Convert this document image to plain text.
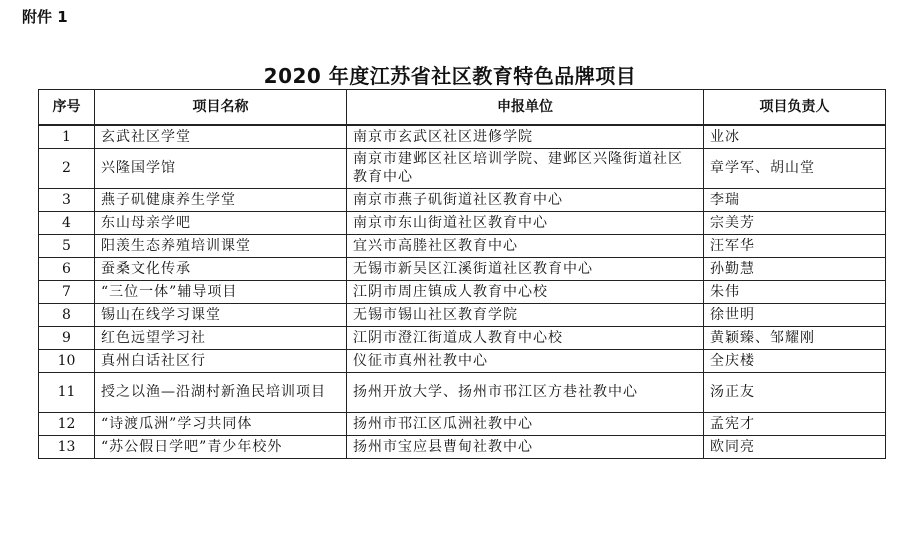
附件 1
2020 年度江苏省社区教育特色品牌项目
序号	项目名称	申报单位	项目负责人
1	玄武社区学堂	南京市玄武区社区进修学院	业冰
2	兴隆国学馆	南京市建邺区社区培训学院、建邺区兴隆街道社区教育中心	章学军、胡山堂
3	燕子矶健康养生学堂	南京市燕子矶街道社区教育中心	李瑞
4	东山母亲学吧	南京市东山街道社区教育中心	宗美芳
5	阳羡生态养殖培训课堂	宜兴市高塍社区教育中心	汪军华
6	蚕桑文化传承	无锡市新吴区江溪街道社区教育中心	孙勤慧
7	“三位一体”辅导项目	江阴市周庄镇成人教育中心校	朱伟
8	锡山在线学习课堂	无锡市锡山社区教育学院	徐世明
9	红色远望学习社	江阴市澄江街道成人教育中心校	黄颖臻、邹耀刚
10	真州白话社区行	仪征市真州社教中心	全庆楼
11	授之以渔—沿湖村新渔民培训项目	扬州开放大学、扬州市邗江区方巷社教中心	汤正友
12	“诗渡瓜洲”学习共同体	扬州市邗江区瓜洲社教中心	孟宪才
13	“苏公假日学吧”青少年校外	扬州市宝应县曹甸社教中心	欧同亮
